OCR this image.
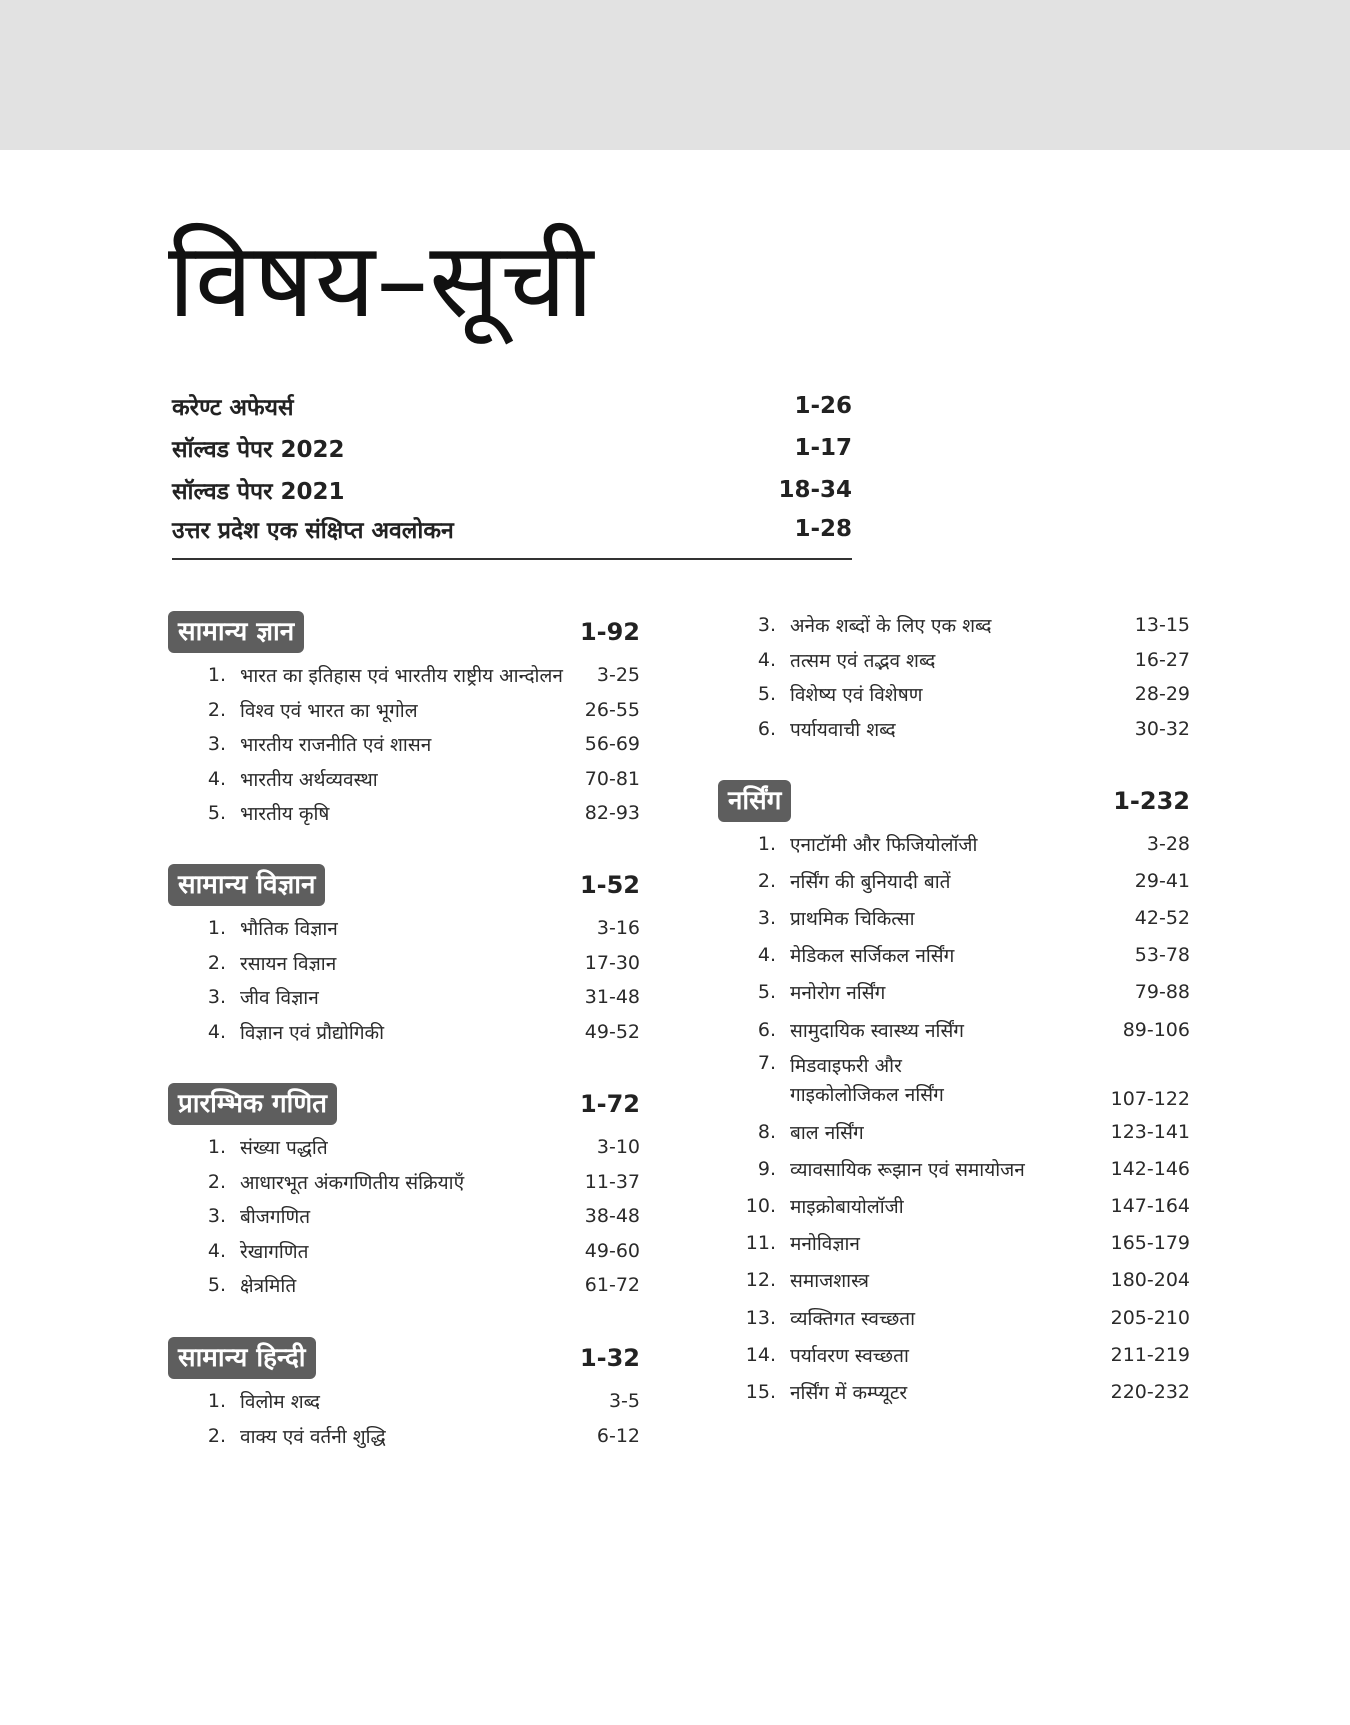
विषय–सूची
करेण्ट अफेयर्स	1-26
सॉल्वड पेपर 2022	1-17
सॉल्वड पेपर 2021	18-34
उत्तर प्रदेश एक संक्षिप्त अवलोकन	1-28
सामान्य ज्ञान	1-92
1. भारत का इतिहास एवं भारतीय राष्ट्रीय आन्दोलन	3-25
2. विश्व एवं भारत का भूगोल	26-55
3. भारतीय राजनीति एवं शासन	56-69
4. भारतीय अर्थव्यवस्था	70-81
5. भारतीय कृषि	82-93
सामान्य विज्ञान	1-52
1. भौतिक विज्ञान	3-16
2. रसायन विज्ञान	17-30
3. जीव विज्ञान	31-48
4. विज्ञान एवं प्रौद्योगिकी	49-52
प्रारम्भिक गणित	1-72
1. संख्या पद्धति	3-10
2. आधारभूत अंकगणितीय संक्रियाएँ	11-37
3. बीजगणित	38-48
4. रेखागणित	49-60
5. क्षेत्रमिति	61-72
सामान्य हिन्दी	1-32
1. विलोम शब्द	3-5
2. वाक्य एवं वर्तनी शुद्धि	6-12
3. अनेक शब्दों के लिए एक शब्द	13-15
4. तत्सम एवं तद्भव शब्द	16-27
5. विशेष्य एवं विशेषण	28-29
6. पर्यायवाची शब्द	30-32
नर्सिंग	1-232
1. एनाटॉमी और फिजियोलॉजी	3-28
2. नर्सिंग की बुनियादी बातें	29-41
3. प्राथमिक चिकित्सा	42-52
4. मेडिकल सर्जिकल नर्सिंग	53-78
5. मनोरोग नर्सिंग	79-88
6. सामुदायिक स्वास्थ्य नर्सिंग	89-106
7. मिडवाइफरी और
गाइकोलोजिकल नर्सिंग	107-122
8. बाल नर्सिंग	123-141
9. व्यावसायिक रूझान एवं समायोजन	142-146
10. माइक्रोबायोलॉजी	147-164
11. मनोविज्ञान	165-179
12. समाजशास्त्र	180-204
13. व्यक्तिगत स्वच्छता	205-210
14. पर्यावरण स्वच्छता	211-219
15. नर्सिंग में कम्प्यूटर	220-232
